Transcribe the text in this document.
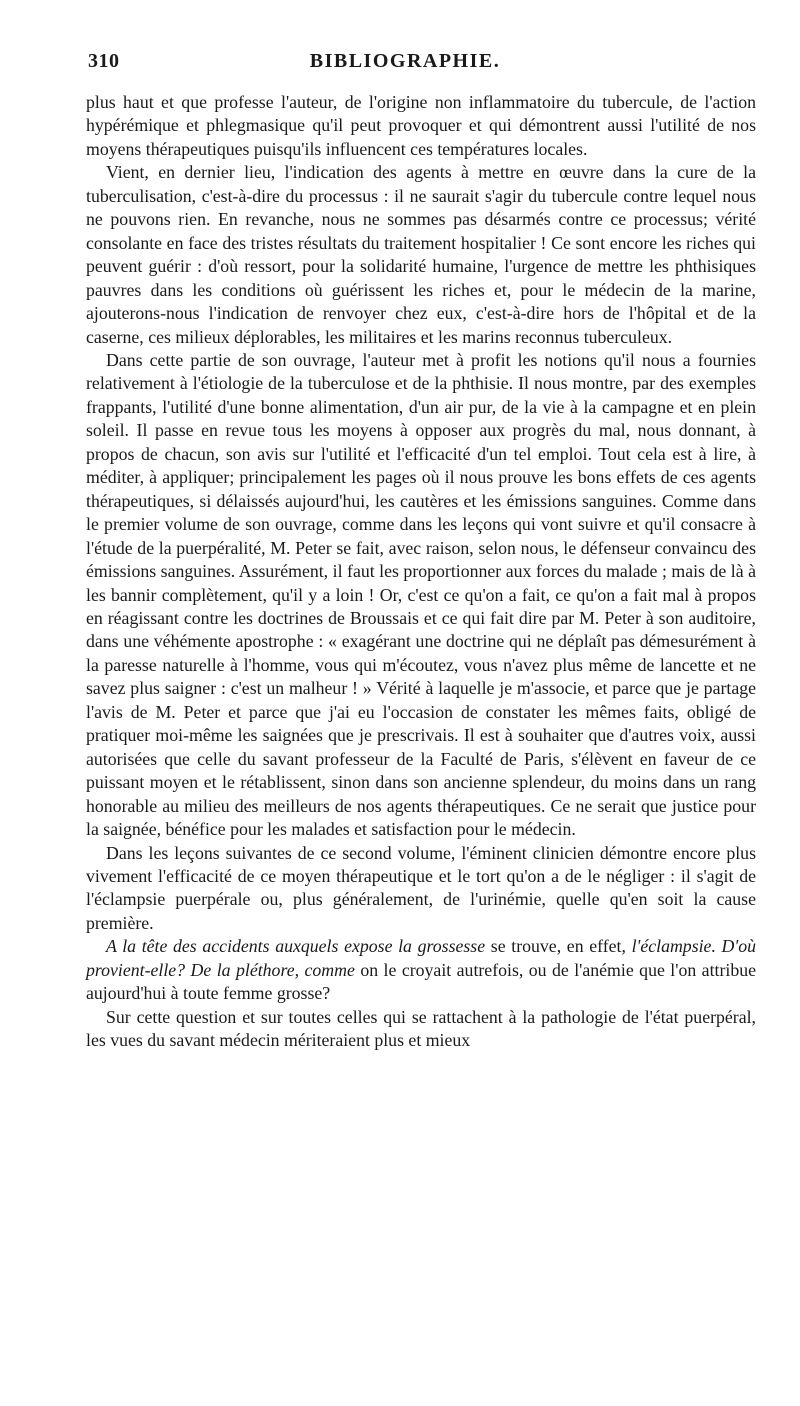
310	BIBLIOGRAPHIE.

plus haut et que professe l'auteur, de l'origine non inflammatoire du tubercule, de l'action hypérémique et phlegmasique qu'il peut provoquer et qui démontrent aussi l'utilité de nos moyens thérapeutiques puisqu'ils influencent ces températures locales.

Vient, en dernier lieu, l'indication des agents à mettre en œuvre dans la cure de la tuberculisation, c'est-à-dire du processus : il ne saurait s'agir du tubercule contre lequel nous ne pouvons rien. En revanche, nous ne sommes pas désarmés contre ce processus; vérité consolante en face des tristes résultats du traitement hospitalier ! Ce sont encore les riches qui peuvent guérir : d'où ressort, pour la solidarité humaine, l'urgence de mettre les phthisiques pauvres dans les conditions où guérissent les riches et, pour le médecin de la marine, ajouterons-nous l'indication de renvoyer chez eux, c'est-à-dire hors de l'hôpital et de la caserne, ces milieux déplorables, les militaires et les marins reconnus tuberculeux.

Dans cette partie de son ouvrage, l'auteur met à profit les notions qu'il nous a fournies relativement à l'étiologie de la tuberculose et de la phthisie. Il nous montre, par des exemples frappants, l'utilité d'une bonne alimentation, d'un air pur, de la vie à la campagne et en plein soleil. Il passe en revue tous les moyens à opposer aux progrès du mal, nous donnant, à propos de chacun, son avis sur l'utilité et l'efficacité d'un tel emploi. Tout cela est à lire, à méditer, à appliquer; principalement les pages où il nous prouve les bons effets de ces agents thérapeutiques, si délaissés aujourd'hui, les cautères et les émissions sanguines. Comme dans le premier volume de son ouvrage, comme dans les leçons qui vont suivre et qu'il consacre à l'étude de la puerpéralité, M. Peter se fait, avec raison, selon nous, le défenseur convaincu des émissions sanguines. Assurément, il faut les proportionner aux forces du malade ; mais de là à les bannir complètement, qu'il y a loin ! Or, c'est ce qu'on a fait, ce qu'on a fait mal à propos en réagissant contre les doctrines de Broussais et ce qui fait dire par M. Peter à son auditoire, dans une véhémente apostrophe : « exagérant une doctrine qui ne déplaît pas démesurément à la paresse naturelle à l'homme, vous qui m'écoutez, vous n'avez plus même de lancette et ne savez plus saigner : c'est un malheur ! » Vérité à laquelle je m'associe, et parce que je partage l'avis de M. Peter et parce que j'ai eu l'occasion de constater les mêmes faits, obligé de pratiquer moi-même les saignées que je prescrivais. Il est à souhaiter que d'autres voix, aussi autorisées que celle du savant professeur de la Faculté de Paris, s'élèvent en faveur de ce puissant moyen et le rétablissent, sinon dans son ancienne splendeur, du moins dans un rang honorable au milieu des meilleurs de nos agents thérapeutiques. Ce ne serait que justice pour la saignée, bénéfice pour les malades et satisfaction pour le médecin.

Dans les leçons suivantes de ce second volume, l'éminent clinicien démontre encore plus vivement l'efficacité de ce moyen thérapeutique et le tort qu'on a de le négliger : il s'agit de l'éclampsie puerpérale ou, plus généralement, de l'urinémie, quelle qu'en soit la cause première.

A la tête des accidents auxquels expose la grossesse se trouve, en effet, l'éclampsie. D'où provient-elle? De la pléthore, comme on le croyait autrefois, ou de l'anémie que l'on attribue aujourd'hui à toute femme grosse?

Sur cette question et sur toutes celles qui se rattachent à la pathologie de l'état puerpéral, les vues du savant médecin mériteraient plus et mieux
